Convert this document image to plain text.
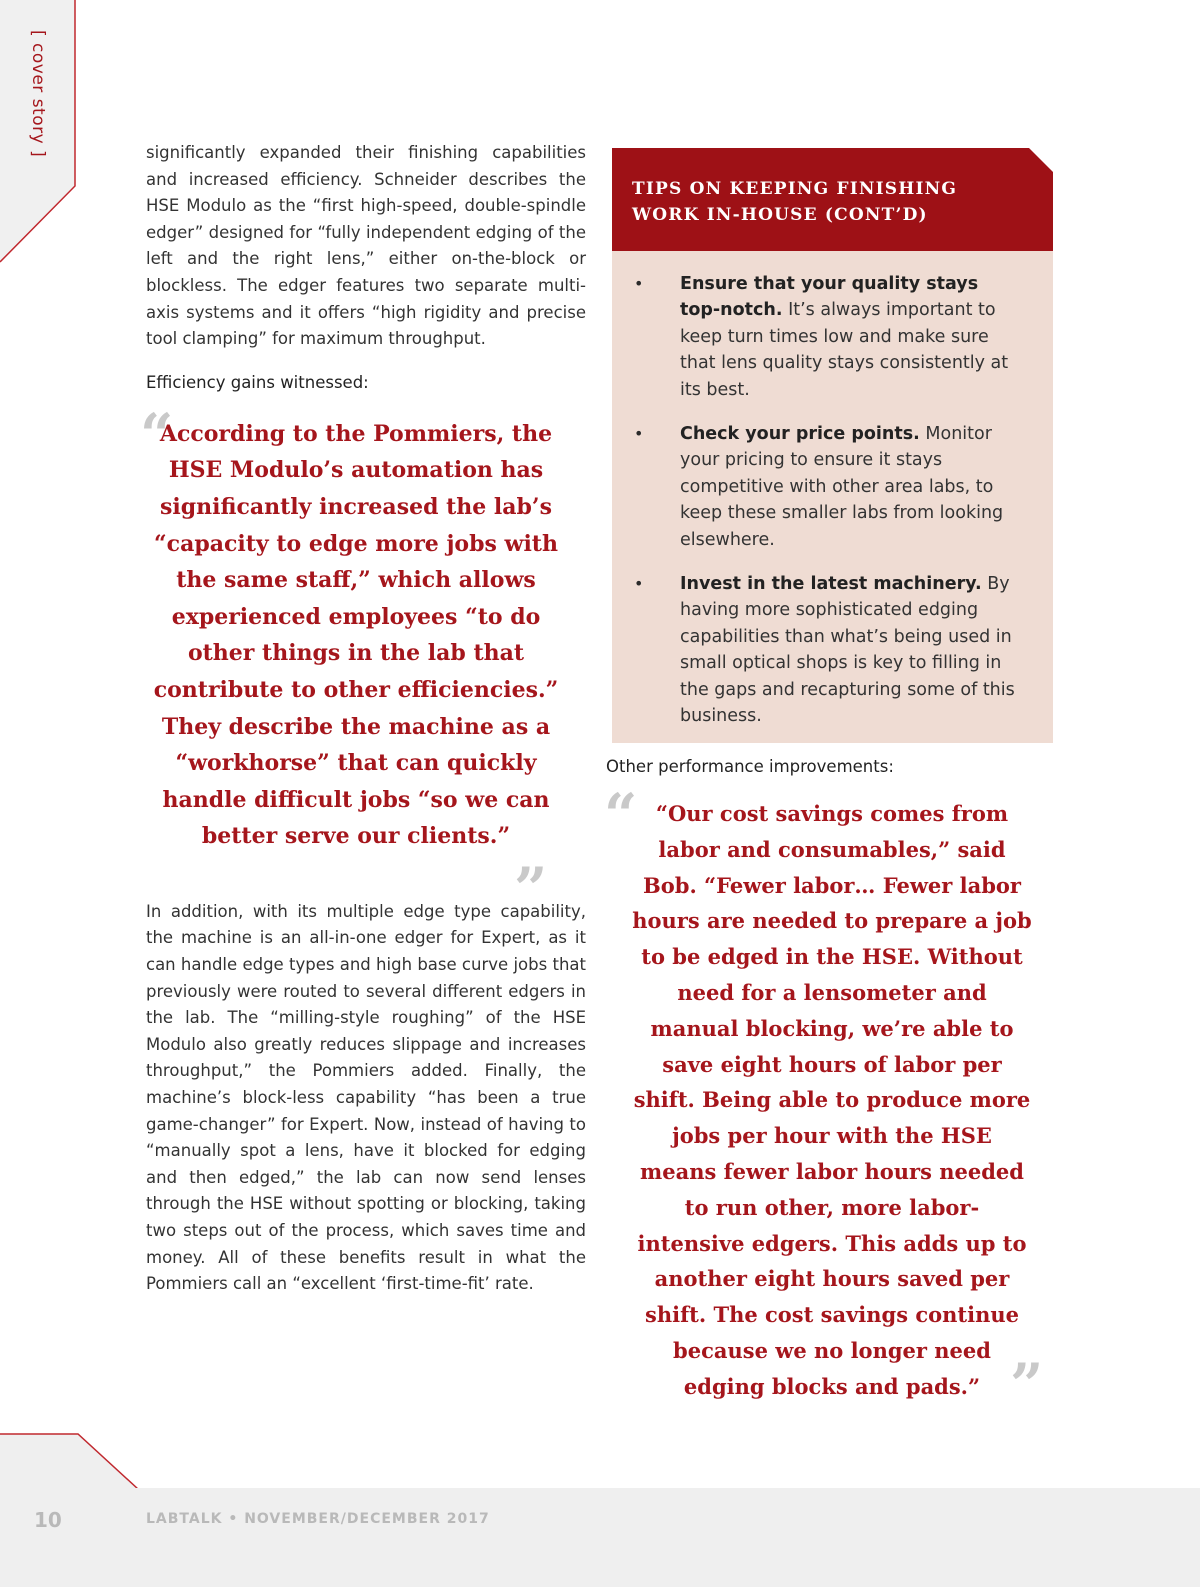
[ cover story ]	significantly expanded their finishing capabilities and increased efficiency. Schneider describes the HSE Modulo as the “first high-speed, double-spindle edger” designed for “fully independent edging of the left and the right lens,” either on-the-block or blockless. The edger features two separate multi-axis systems and it offers “high rigidity and precise tool clamping” for maximum throughput.

Efficiency gains witnessed:

“

According to the Pommiers, the HSE Modulo’s automation has significantly increased the lab’s “capacity to edge more jobs with the same staff,” which allows experienced employees “to do other things in the lab that contribute to other efficiencies.” They describe the machine as a “workhorse” that can quickly handle difficult jobs “so we can better serve our clients.”

”

In addition, with its multiple edge type capability, the machine is an all-in-one edger for Expert, as it can handle edge types and high base curve jobs that previously were routed to several different edgers in the lab. The “milling-style roughing” of the HSE Modulo also greatly reduces slippage and increases throughput,” the Pommiers added. Finally, the machine’s block-less capability “has been a true game-changer” for Expert. Now, instead of having to “manually spot a lens, have it blocked for edging and then edged,” the lab can now send lenses through the HSE without spotting or blocking, taking two steps out of the process, which saves time and money. All of these benefits result in what the Pommiers call an “excellent ‘first-time-fit’ rate.

TIPS ON KEEPING FINISHING
WORK IN-HOUSE (CONT’D)
•	Ensure that your quality stays top-notch. It’s always important to keep turn times low and make sure that lens quality stays consistently at its best.
•	Check your price points. Monitor your pricing to ensure it stays competitive with other area labs, to keep these smaller labs from looking elsewhere.
•	Invest in the latest machinery. By having more sophisticated edging capabilities than what’s being used in small optical shops is key to filling in the gaps and recapturing some of this business.

Other performance improvements:

“ “Our cost savings comes from labor and consumables,” said Bob. “Fewer labor… Fewer labor hours are needed to prepare a job to be edged in the HSE. Without need for a lensometer and manual blocking, we’re able to save eight hours of labor per shift. Being able to produce more jobs per hour with the HSE means fewer labor hours needed to run other, more labor-intensive edgers. This adds up to another eight hours saved per shift. The cost savings continue because we no longer need edging blocks and pads.” ”
10	LABTALK • NOVEMBER/DECEMBER 2017
